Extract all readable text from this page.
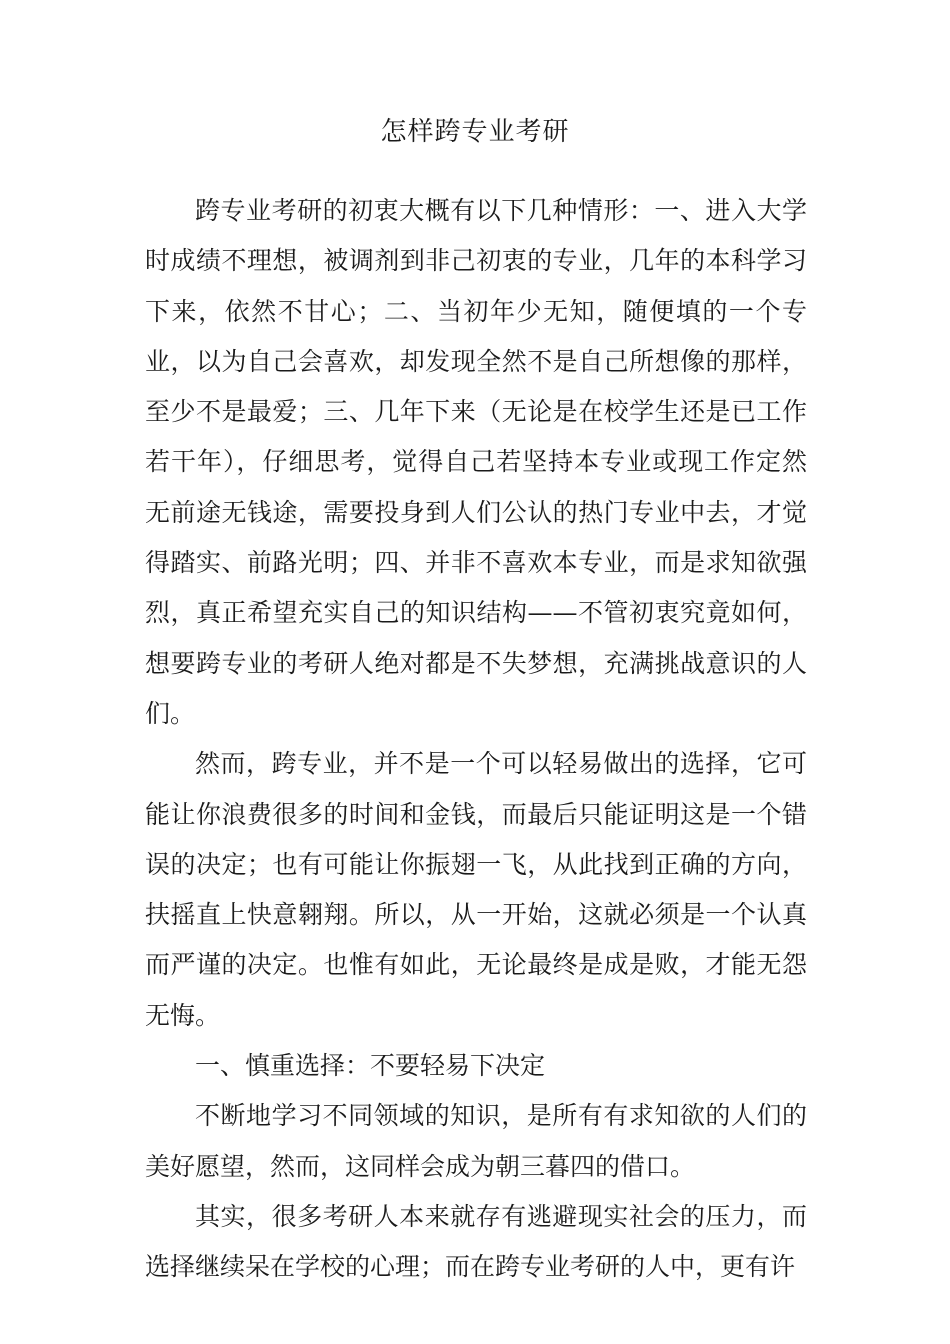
怎样跨专业考研

跨专业考研的初衷大概有以下几种情形：一、进入大学时成绩不理想，被调剂到非己初衷的专业，几年的本科学习下来，依然不甘心；二、当初年少无知，随便填的一个专业，以为自己会喜欢，却发现全然不是自己所想像的那样，至少不是最爱；三、几年下来（无论是在校学生还是已工作若干年），仔细思考，觉得自己若坚持本专业或现工作定然无前途无钱途，需要投身到人们公认的热门专业中去，才觉得踏实、前路光明；四、并非不喜欢本专业，而是求知欲强烈，真正希望充实自己的知识结构——不管初衷究竟如何，想要跨专业的考研人绝对都是不失梦想，充满挑战意识的人们。

然而，跨专业，并不是一个可以轻易做出的选择，它可能让你浪费很多的时间和金钱，而最后只能证明这是一个错误的决定；也有可能让你振翅一飞，从此找到正确的方向，扶摇直上快意翱翔。所以，从一开始，这就必须是一个认真而严谨的决定。也惟有如此，无论最终是成是败，才能无怨无悔。

一、慎重选择：不要轻易下决定

不断地学习不同领域的知识，是所有有求知欲的人们的美好愿望，然而，这同样会成为朝三暮四的借口。

其实，很多考研人本来就存有逃避现实社会的压力，而选择继续呆在学校的心理；而在跨专业考研的人中，更有许
